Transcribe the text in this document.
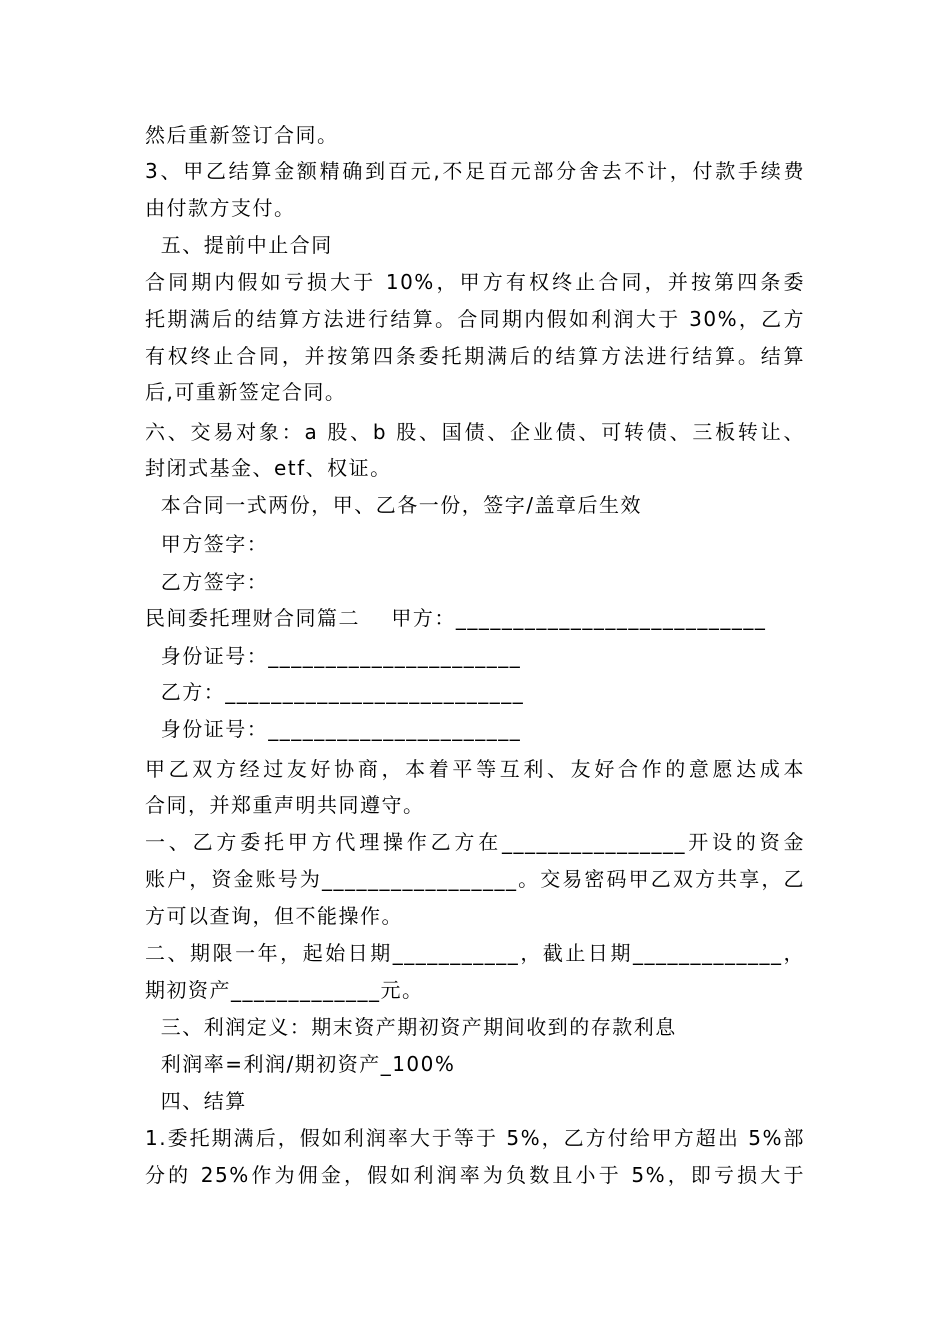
然后重新签订合同。
3、甲乙结算金额精确到百元,不足百元部分舍去不计，付款手续费
由付款方支付。
五、提前中止合同
合同期内假如亏损大于 10%，甲方有权终止合同，并按第四条委
托期满后的结算方法进行结算。合同期内假如利润大于 30%，乙方
有权终止合同，并按第四条委托期满后的结算方法进行结算。结算
后,可重新签定合同。
六、交易对象：a 股、b 股、国债、企业债、可转债、三板转让、
封闭式基金、etf、权证。
本合同一式两份，甲、乙各一份，签字/盖章后生效
甲方签字：
乙方签字：
民间委托理财合同篇二    甲方：___________________________
身份证号：______________________
乙方：__________________________
身份证号：______________________
甲乙双方经过友好协商，本着平等互利、友好合作的意愿达成本
合同，并郑重声明共同遵守。
一、乙方委托甲方代理操作乙方在________________开设的资金
账户，资金账号为_________________。交易密码甲乙双方共享，乙
方可以查询，但不能操作。
二、期限一年，起始日期___________，截止日期_____________，
期初资产_____________元。
三、利润定义：期末资产期初资产期间收到的存款利息
利润率=利润/期初资产_100%
四、结算
1.委托期满后，假如利润率大于等于 5%，乙方付给甲方超出 5%部
分的 25%作为佣金，假如利润率为负数且小于 5%，即亏损大于
